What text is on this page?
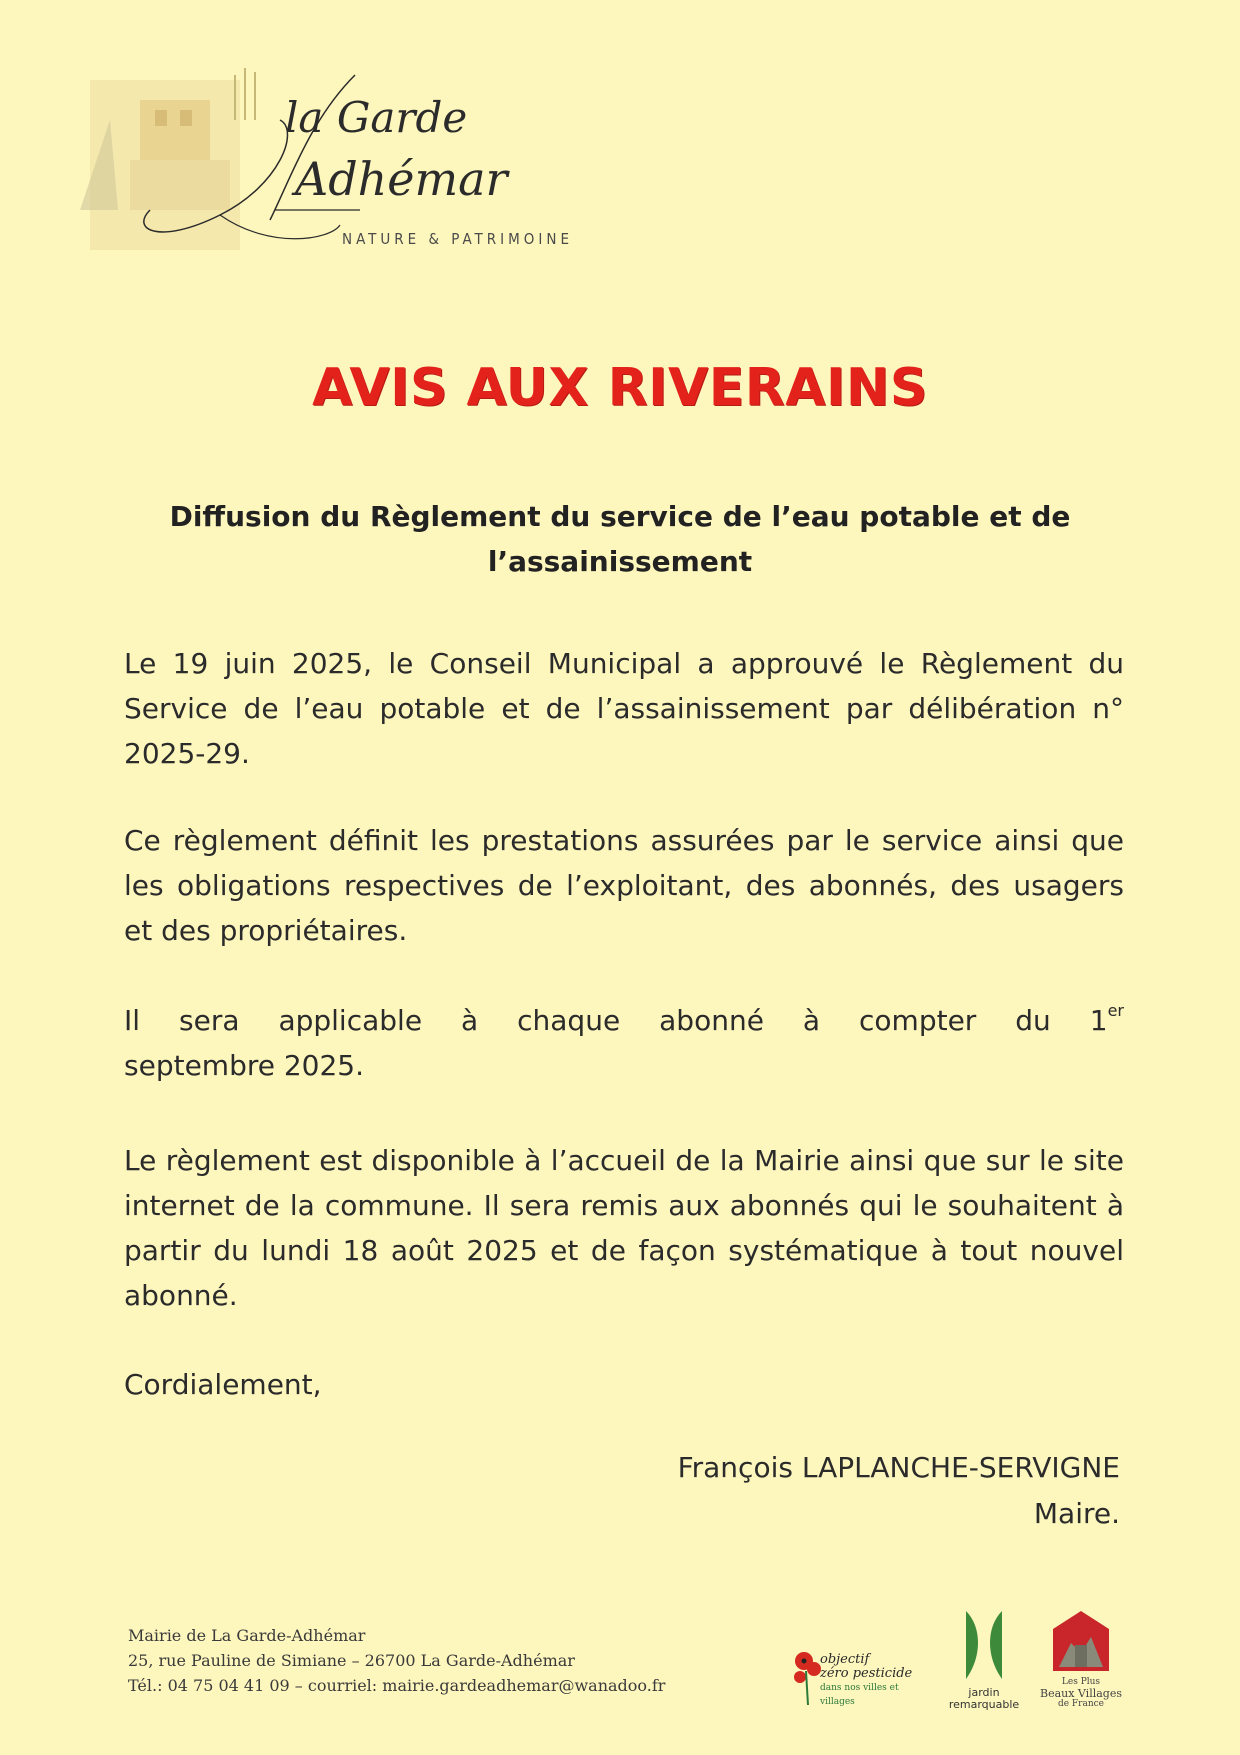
la Garde
Adhémar
NATURE & PATRIMOINE
AVIS AUX RIVERAINS
Diffusion du Règlement du service de l’eau potable et de
l’assainissement
Le 19 juin 2025, le Conseil Municipal a approuvé le Règlement du Service de l’eau potable et de l’assainissement par délibération n° 2025-29.
Ce règlement définit les prestations assurées par le service ainsi que les obligations respectives de l’exploitant, des abonnés, des usagers et des propriétaires.
Il sera applicable à chaque abonné à compter du 1er
septembre 2025.
Le règlement est disponible à l’accueil de la Mairie ainsi que sur le site internet de la commune. Il sera remis aux abonnés qui le souhaitent à partir du lundi 18 août 2025 et de façon systématique à tout nouvel abonné.
Cordialement,
François LAPLANCHE-SERVIGNE
Maire.
Mairie de La Garde-Adhémar
25, rue Pauline de Simiane – 26700 La Garde-Adhémar
Tél.: 04 75 04 41 09 – courriel: mairie.gardeadhemar@wanadoo.fr
objectif
zéro pesticide
dans nos villes et villages
jardin
remarquable
Les Plus
Beaux Villages
de France
